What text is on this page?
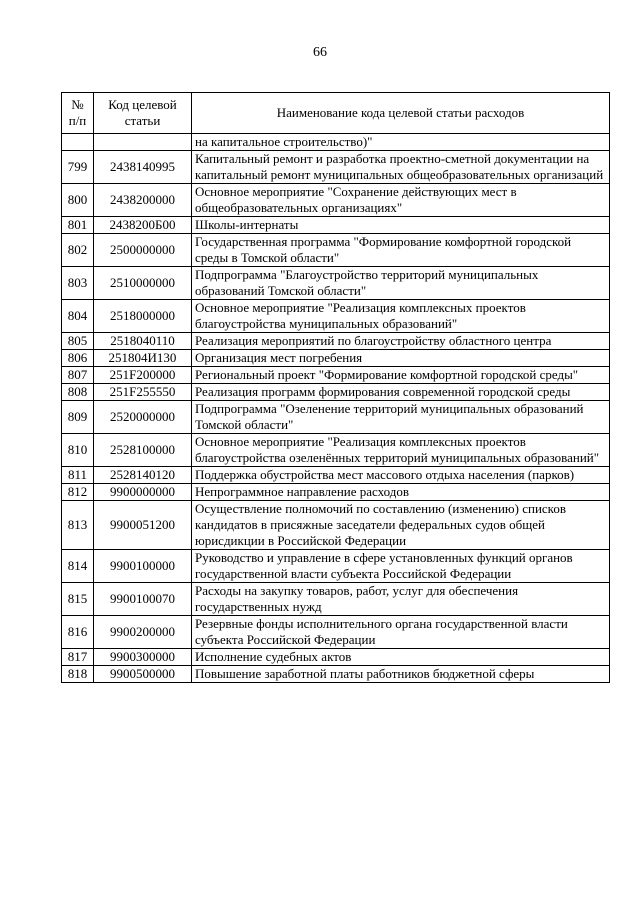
66
№ п/п	Код целевой статьи	Наименование кода целевой статьи расходов
		на капитальное строительство)"
799	2438140995	Капитальный ремонт и разработка проектно-сметной документации на капитальный ремонт муниципальных общеобразовательных организаций
800	2438200000	Основное мероприятие "Сохранение действующих мест в общеобразовательных организациях"
801	2438200Б00	Школы-интернаты
802	2500000000	Государственная программа "Формирование комфортной городской среды в Томской области"
803	2510000000	Подпрограмма "Благоустройство территорий муниципальных образований Томской области"
804	2518000000	Основное мероприятие "Реализация комплексных проектов благоустройства муниципальных образований"
805	2518040110	Реализация мероприятий по благоустройству областного центра
806	251804И130	Организация мест погребения
807	251F200000	Региональный проект "Формирование комфортной городской среды"
808	251F255550	Реализация программ формирования современной городской среды
809	2520000000	Подпрограмма "Озеленение территорий муниципальных образований Томской области"
810	2528100000	Основное мероприятие "Реализация комплексных проектов благоустройства озеленённых территорий муниципальных образований"
811	2528140120	Поддержка обустройства мест массового отдыха населения (парков)
812	9900000000	Непрограммное направление расходов
813	9900051200	Осуществление полномочий по составлению (изменению) списков кандидатов в присяжные заседатели федеральных судов общей юрисдикции в Российской Федерации
814	9900100000	Руководство и управление в сфере установленных функций органов государственной власти субъекта Российской Федерации
815	9900100070	Расходы на закупку товаров, работ, услуг для обеспечения государственных нужд
816	9900200000	Резервные фонды исполнительного органа государственной власти субъекта Российской Федерации
817	9900300000	Исполнение судебных актов
818	9900500000	Повышение заработной платы работников бюджетной сферы
